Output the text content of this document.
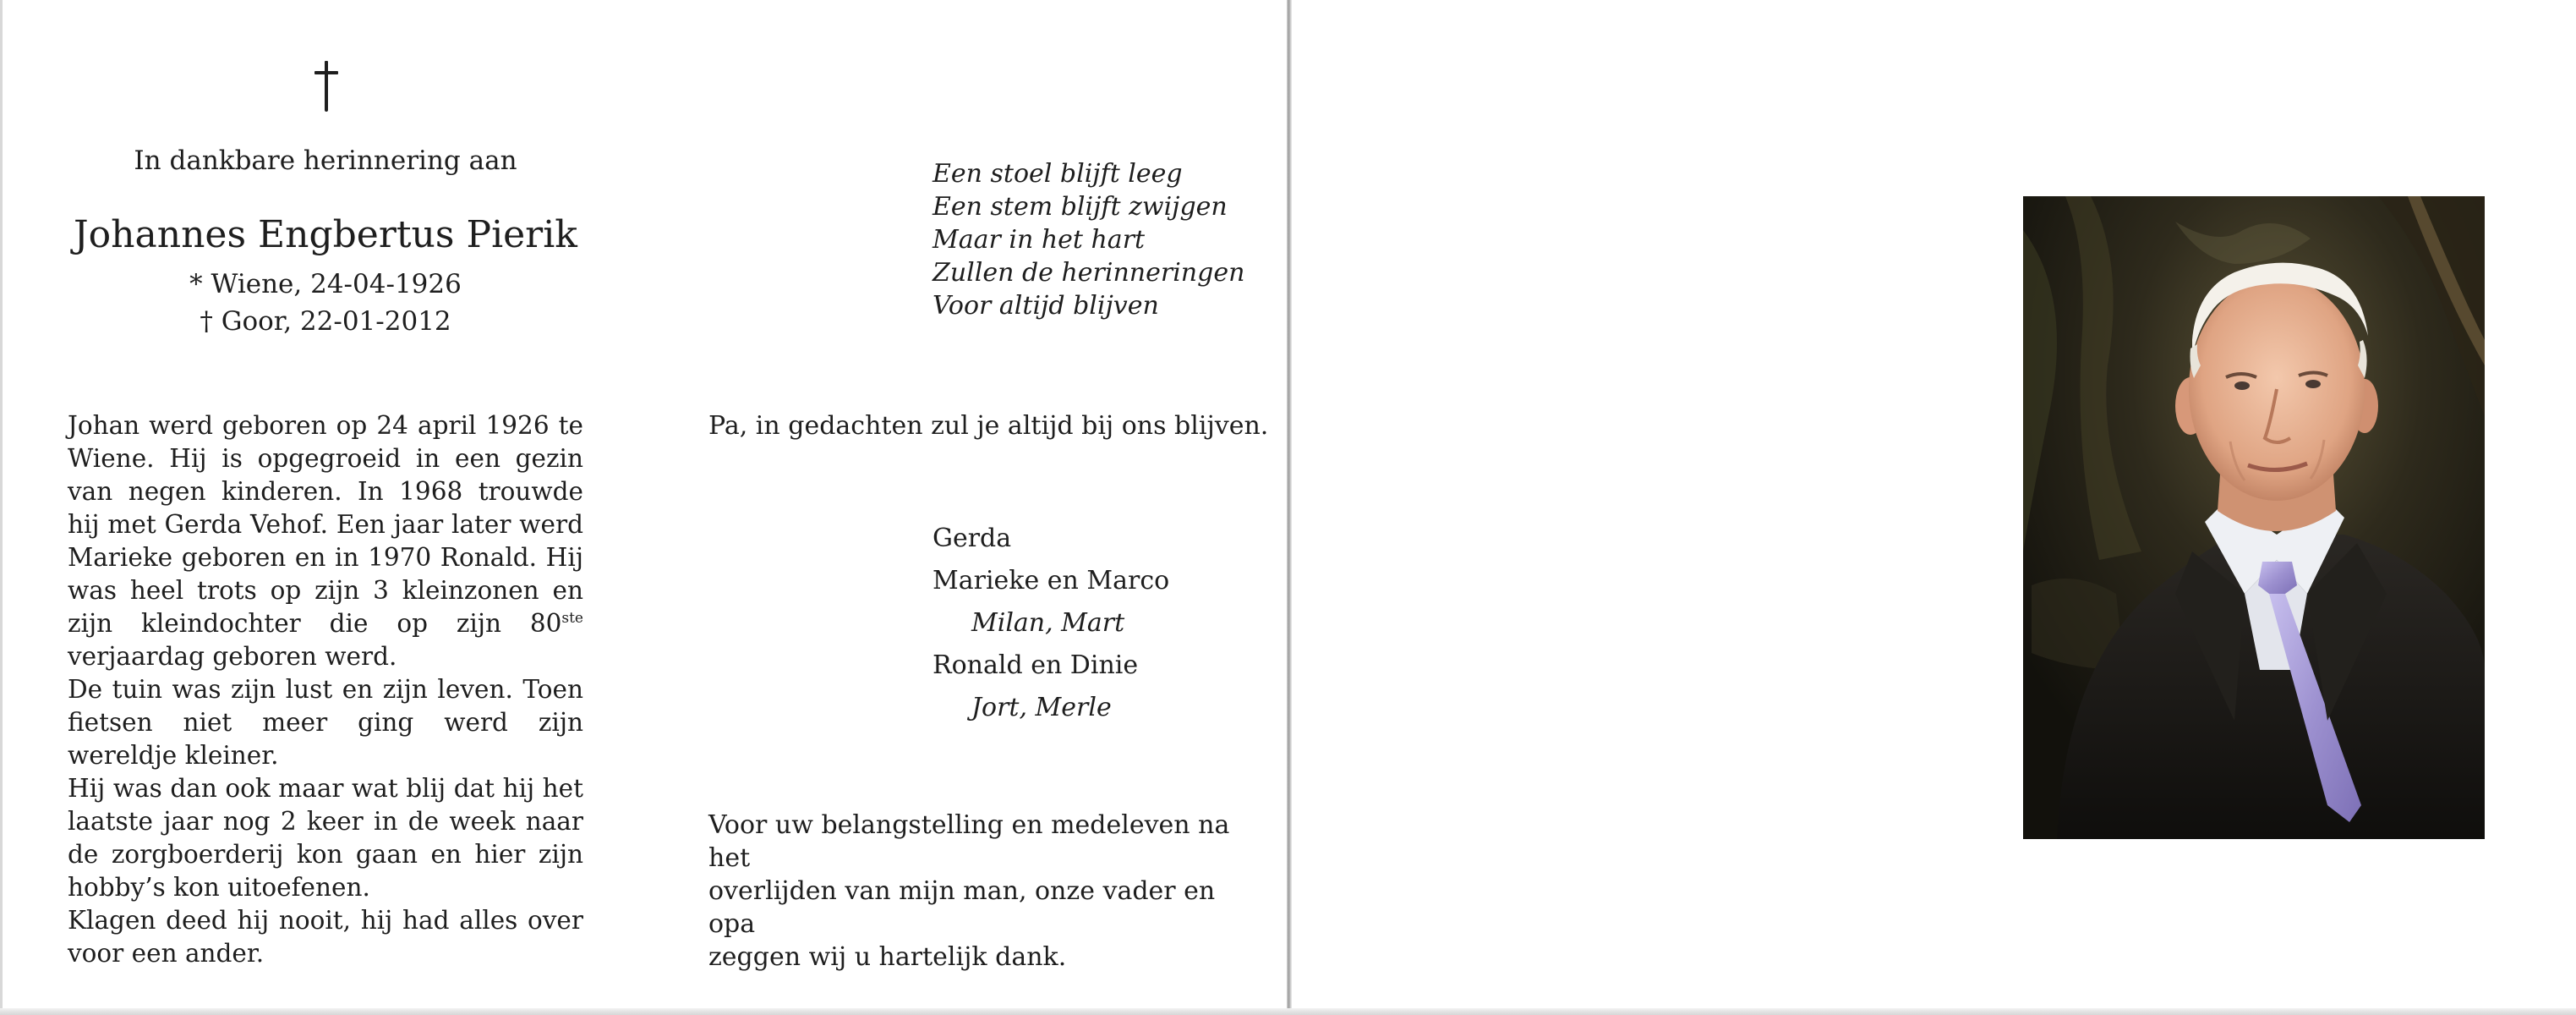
In dankbare herinnering aan
Johannes Engbertus Pierik
* Wiene, 24-04-1926
† Goor, 22-01-2012

Johan werd geboren op 24 april 1926 te Wiene. Hij is opgegroeid in een gezin van negen kinderen. In 1968 trouwde hij met Gerda Vehof. Een jaar later werd Marieke geboren en in 1970 Ronald. Hij was heel trots op zijn 3 kleinzonen en zijn kleindochter die op zijn 80ste verjaardag geboren werd.

De tuin was zijn lust en zijn leven. Toen fietsen niet meer ging werd zijn wereldje kleiner.

Hij was dan ook maar wat blij dat hij het laatste jaar nog 2 keer in de week naar de zorgboerderij kon gaan en hier zijn hobby’s kon uitoefenen.

Klagen deed hij nooit, hij had alles over voor een ander.

Een stoel blijft leeg
Een stem blijft zwijgen
Maar in het hart
Zullen de herinneringen
Voor altijd blijven
Pa, in gedachten zul je altijd bij ons blijven.
Gerda
Marieke en Marco
Milan, Mart
Ronald en Dinie
Jort, Merle
Voor uw belangstelling en medeleven na het
overlijden van mijn man, onze vader en opa
zeggen wij u hartelijk dank.
